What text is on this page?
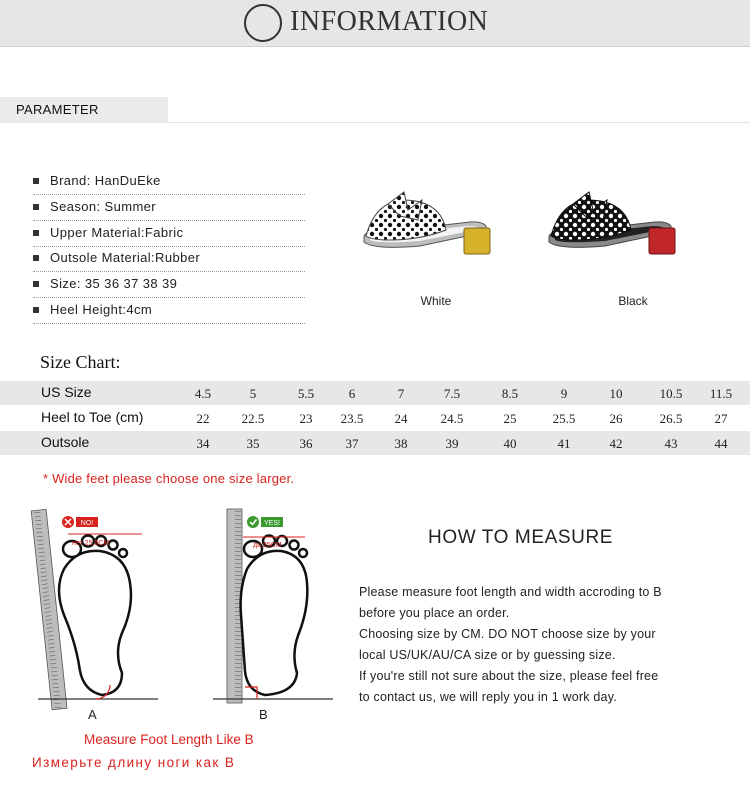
INFORMATION
PARAMETER
Brand: HanDuEke
Season: Summer
Upper Material:Fabric
Outsole Material:Rubber
Size: 35 36 37 38 39
Heel Height:4cm
White	Black
Size Chart:
US Size	4.5	5	5.5	6	7	7.5	8.5	9	10	10.5	11.5
Heel to Toe (cm)	22	22.5	23	23.5	24	24.5	25	25.5	26	26.5	27
Outsole	34	35	36	37	38	39	40	41	42	43	44
* Wide feet please choose one size larger.
NO!
нет 25.5CM
A
YES!
да 25CM
B
Measure Foot Length Like B
Измерьте длину ноги как B
HOW TO MEASURE
Please measure foot length and width accroding to B
before you place an order.
Choosing size by CM. DO NOT choose size by your
local US/UK/AU/CA size or by guessing size.
If you're still not sure about the size, please feel free
to contact us, we will reply you in 1 work day.
